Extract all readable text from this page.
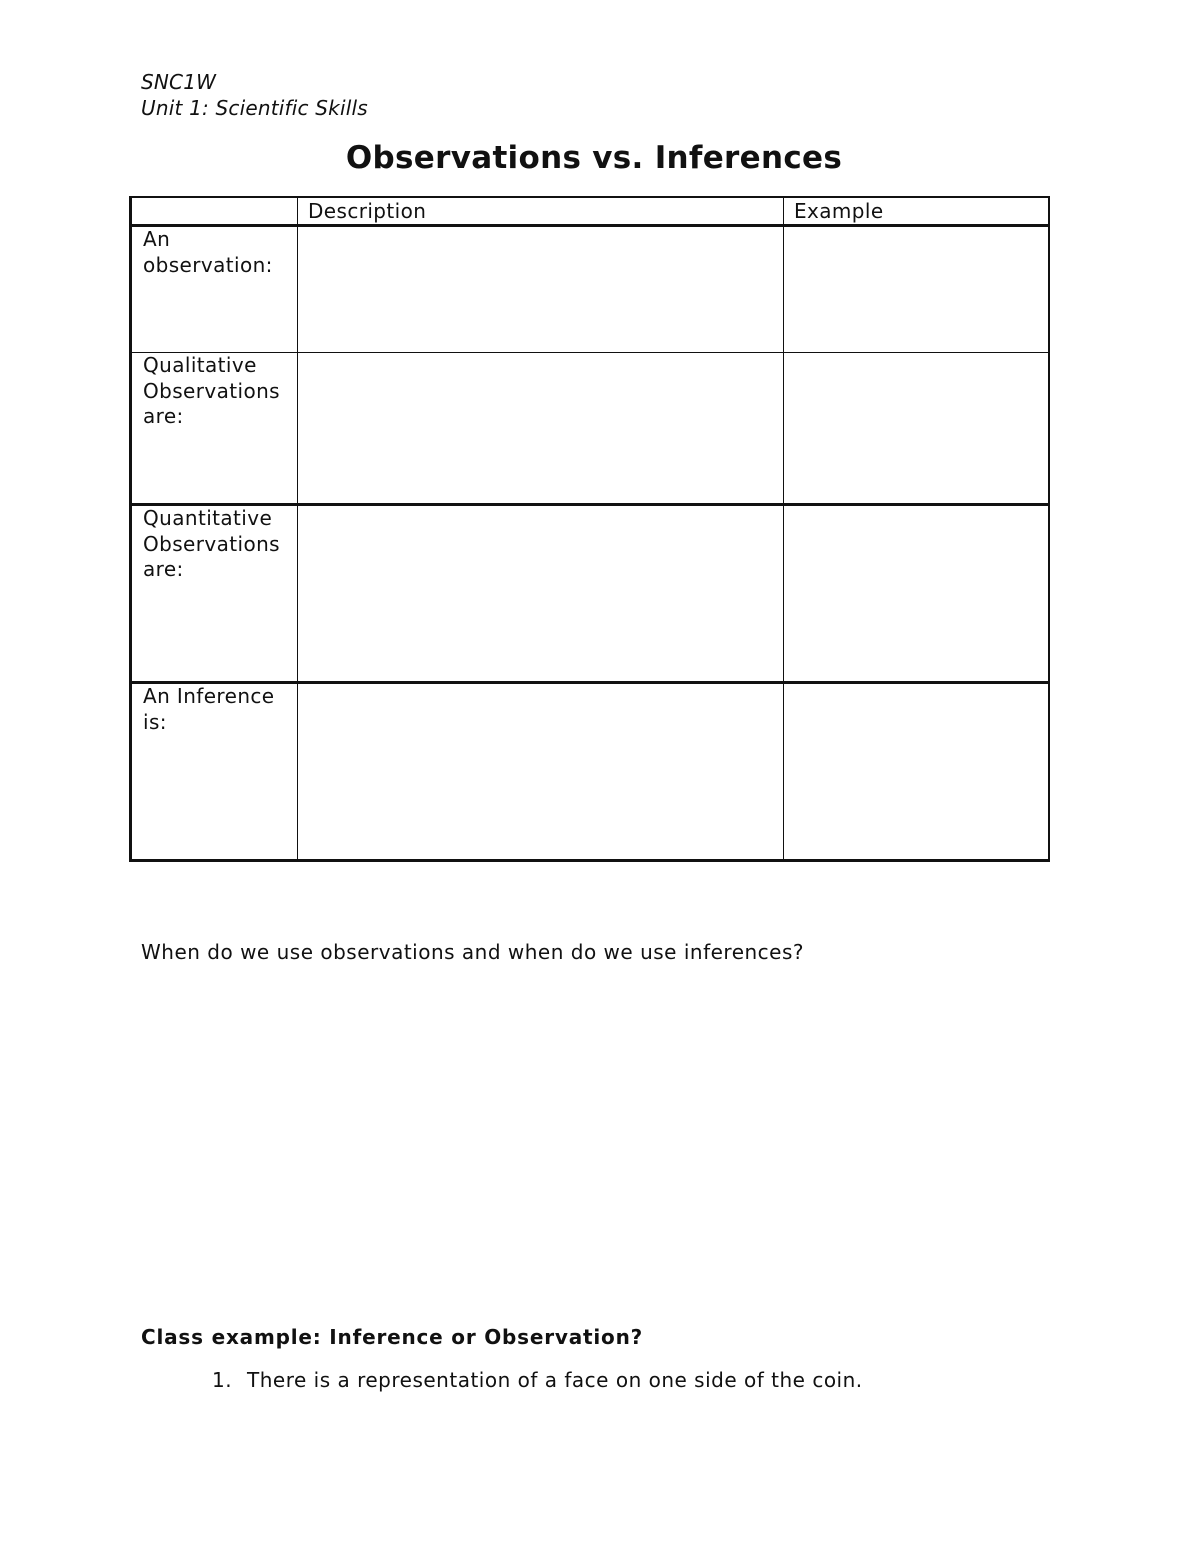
SNC1W
Unit 1: Scientific Skills
Observations vs. Inferences
	Description	Example
An observation:		
Qualitative Observations are:		
Quantitative Observations are:		
An Inference is:		
When do we use observations and when do we use inferences?
Class example: Inference or Observation?
1. There is a representation of a face on one side of the coin.
